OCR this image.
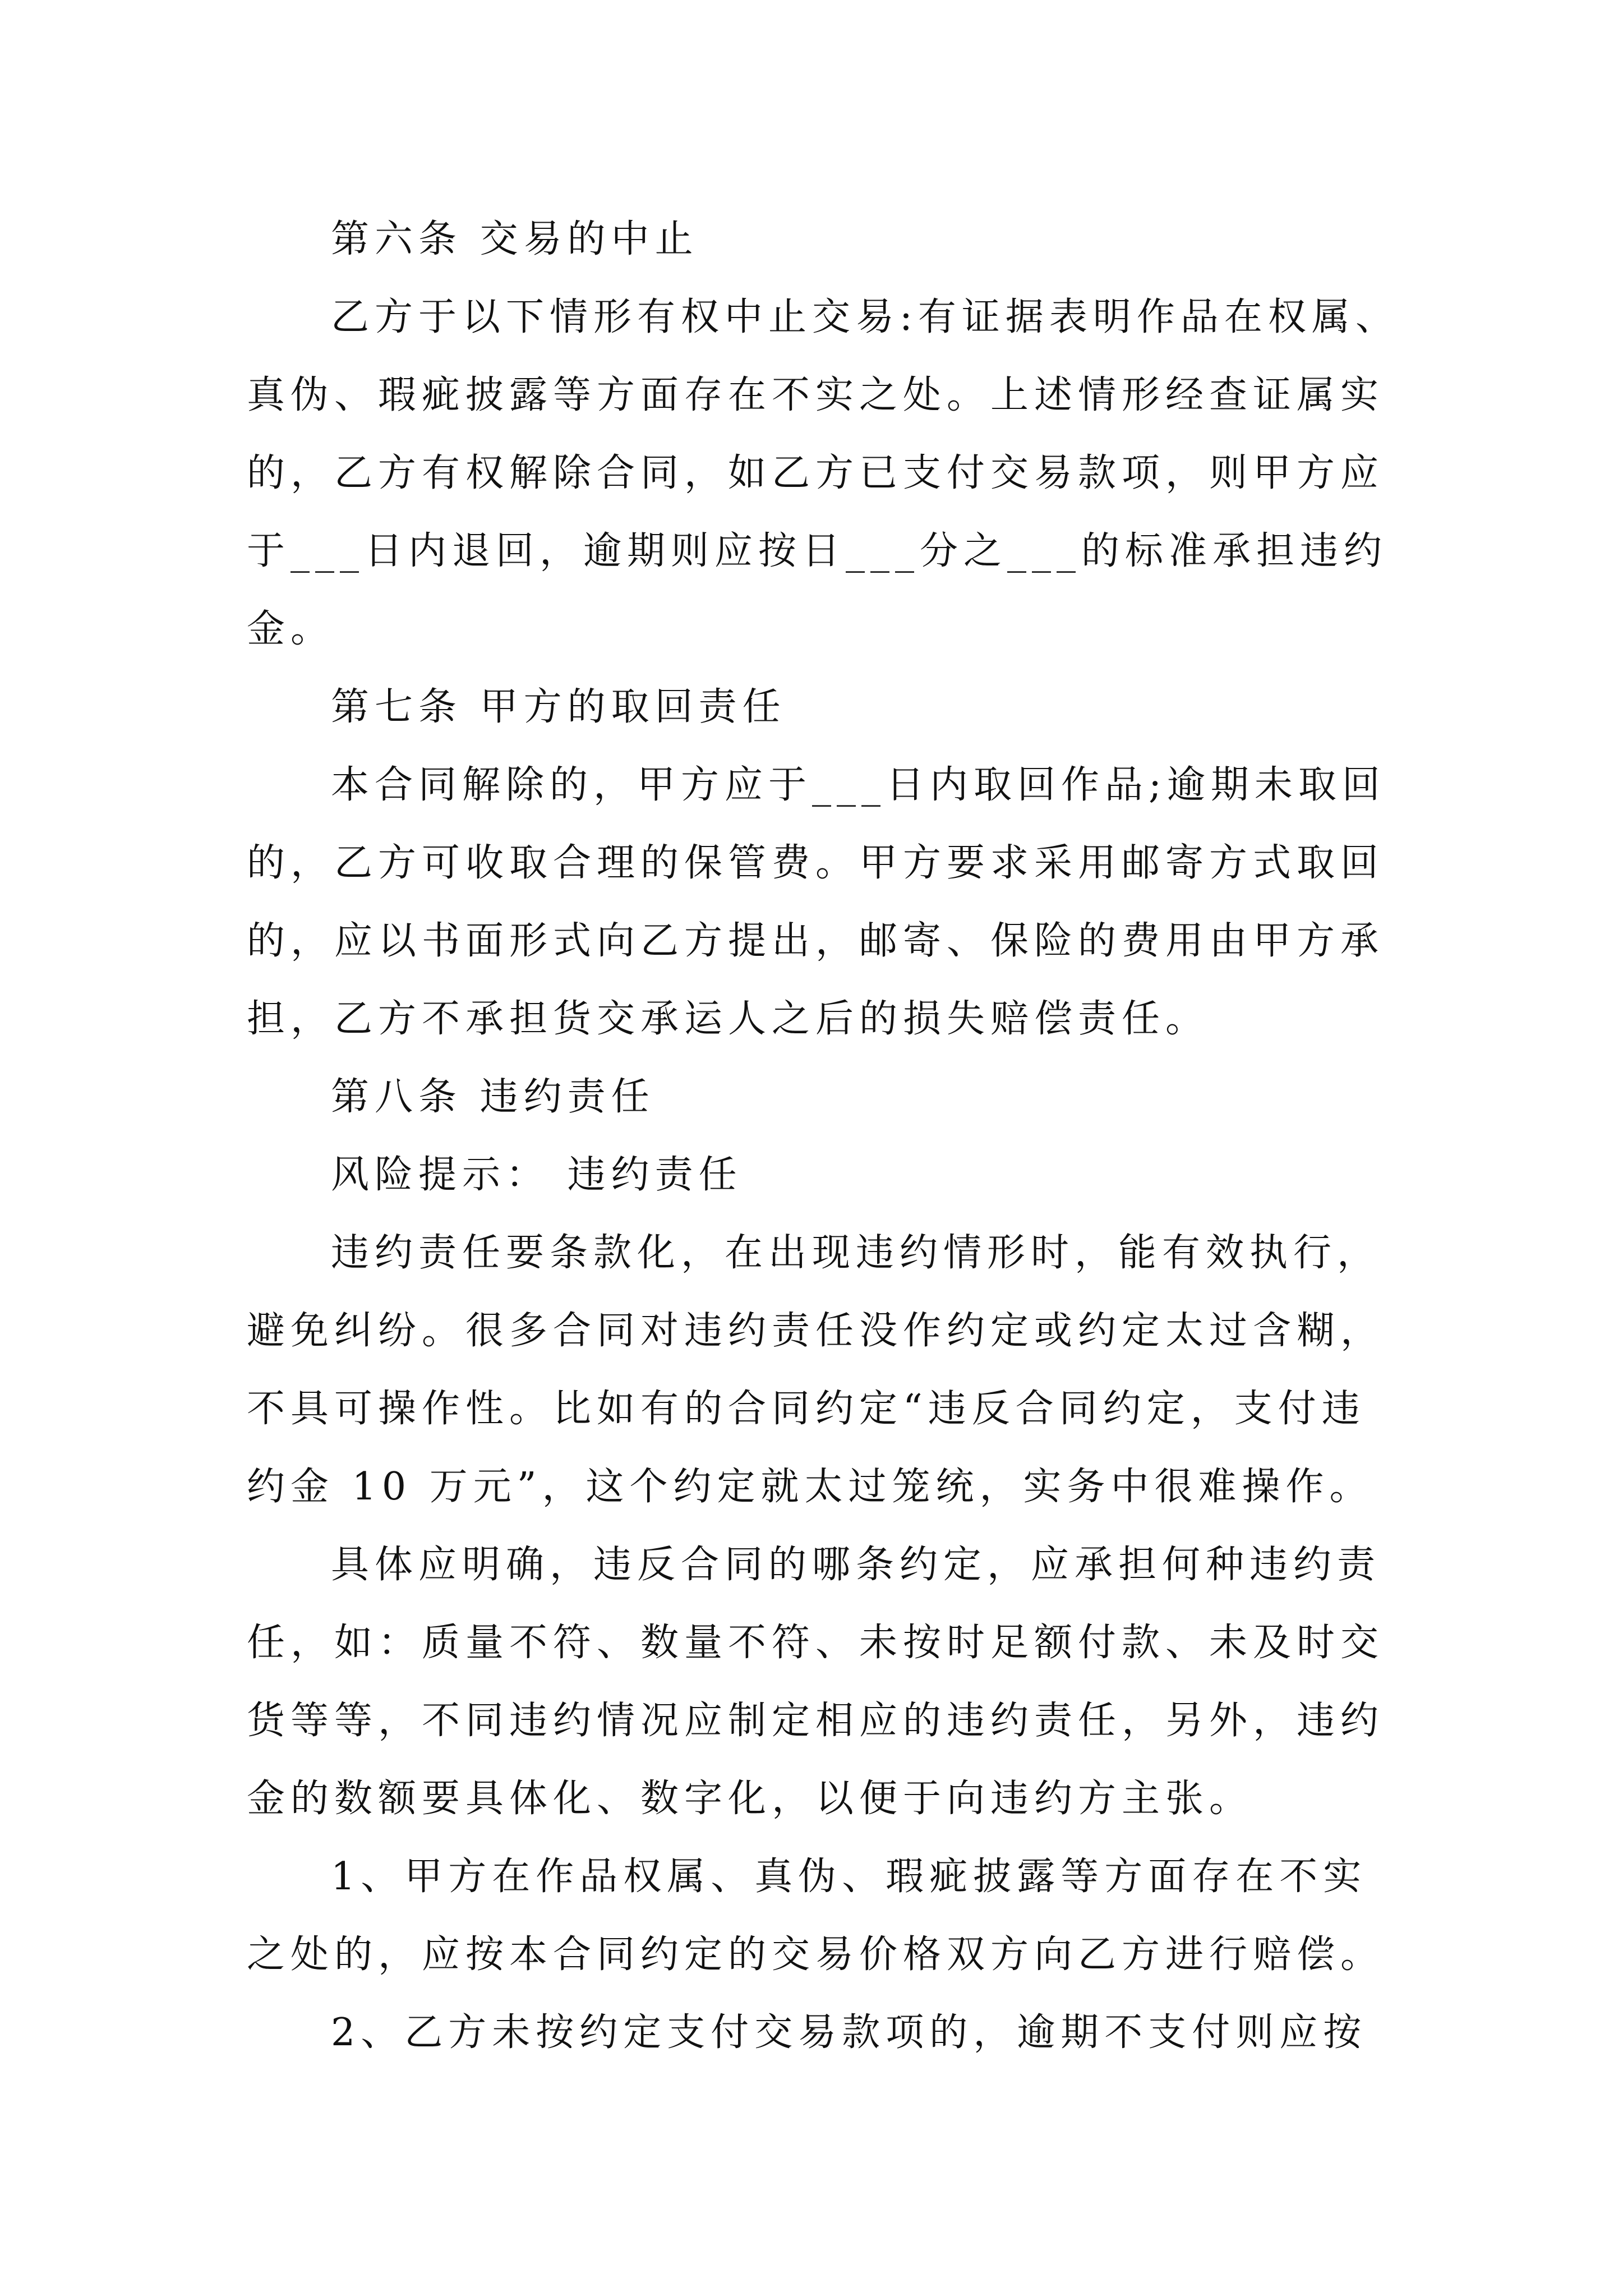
第六条 交易的中止
乙方于以下情形有权中止交易:有证据表明作品在权属、
真伪、瑕疵披露等方面存在不实之处。上述情形经查证属实
的，乙方有权解除合同，如乙方已支付交易款项，则甲方应
于___日内退回，逾期则应按日___分之___的标准承担违约
金。
第七条 甲方的取回责任
本合同解除的，甲方应于___日内取回作品;逾期未取回
的，乙方可收取合理的保管费。甲方要求采用邮寄方式取回
的，应以书面形式向乙方提出，邮寄、保险的费用由甲方承
担，乙方不承担货交承运人之后的损失赔偿责任。
第八条 违约责任
风险提示： 违约责任
违约责任要条款化，在出现违约情形时，能有效执行，
避免纠纷。很多合同对违约责任没作约定或约定太过含糊，
不具可操作性。比如有的合同约定“违反合同约定，支付违
约金 10 万元”，这个约定就太过笼统，实务中很难操作。
具体应明确，违反合同的哪条约定，应承担何种违约责
任，如：质量不符、数量不符、未按时足额付款、未及时交
货等等，不同违约情况应制定相应的违约责任，另外，违约
金的数额要具体化、数字化，以便于向违约方主张。
1、甲方在作品权属、真伪、瑕疵披露等方面存在不实
之处的，应按本合同约定的交易价格双方向乙方进行赔偿。
2、乙方未按约定支付交易款项的，逾期不支付则应按
